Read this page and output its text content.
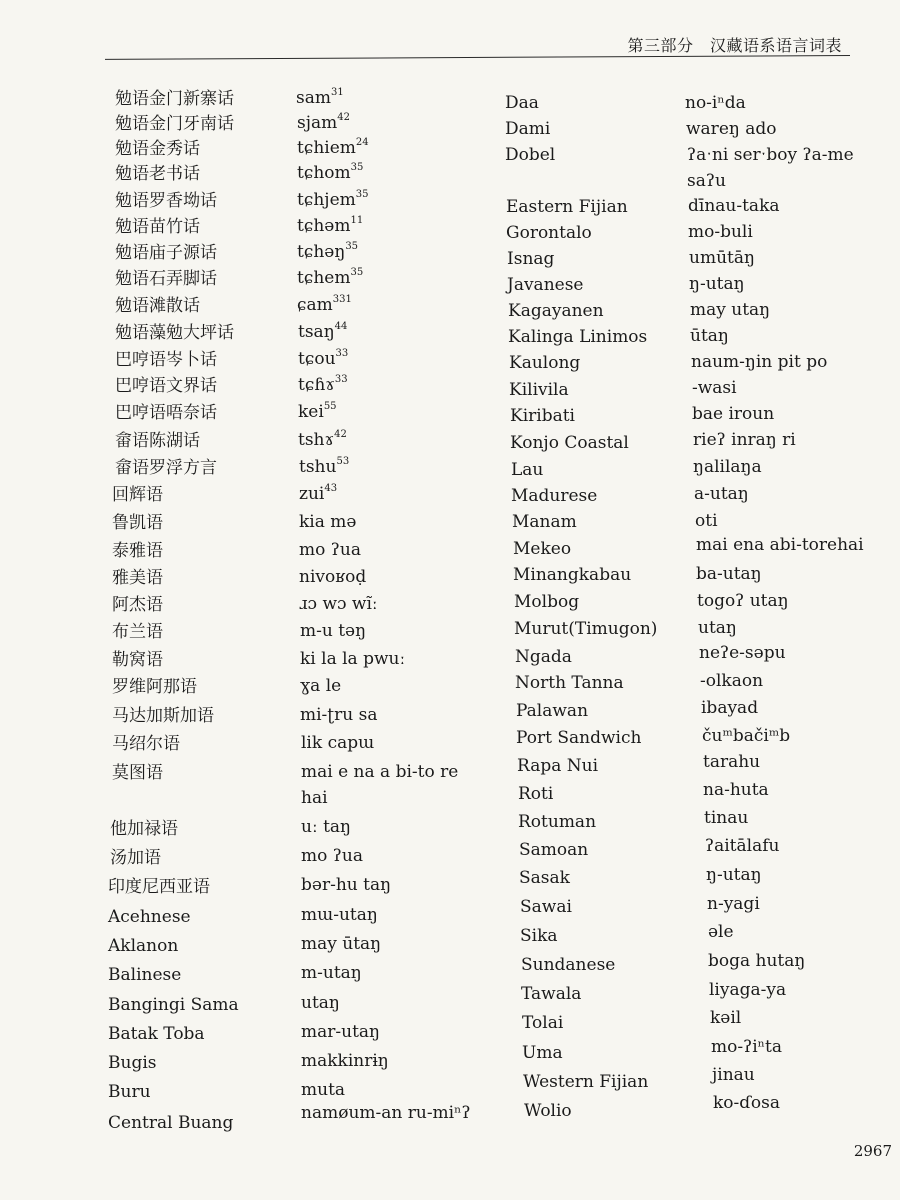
第三部分　汉藏语系语言词表
勉语金门新寨话
勉语金门牙南话
勉语金秀话
勉语老书话
勉语罗香坳话
勉语苗竹话
勉语庙子源话
勉语石弄脚话
勉语滩散话
勉语藻勉大坪话
巴哼语岑卜话
巴哼语文界话
巴哼语唔奈话
畲语陈湖话
畲语罗浮方言
回辉语
鲁凯语
泰雅语
雅美语
阿杰语
布兰语
勒窝语
罗维阿那语
马达加斯加语
马绍尔语
莫图语
他加禄语
汤加语
印度尼西亚语
Acehnese
Aklanon
Balinese
Bangingi Sama
Batak Toba
Bugis
Buru
Central Buang
sam$^{31}$
sjam$^{42}$
tɕhiem$^{24}$
tɕhom$^{35}$
tɕhjem$^{35}$
tɕhəm$^{11}$
tɕhəŋ$^{35}$
tɕhem$^{35}$
ɕam$^{331}$
tsaŋ$^{44}$
tɕou$^{33}$
tɕɦɤ$^{33}$
kei$^{55}$
tshɤ$^{42}$
tshu$^{53}$
zui$^{43}$
kia mə
mo ʔua
nivoʁoḍ
ɹɔ wɔ wĩː
m-u təŋ
ki la la pwuː
ɣa le
mi-ʈru sa
lik capɯ
mai e na a bi-to re
hai
uː taŋ
mo ʔua
bər-hu taŋ
mɯ-utaŋ
may ūtaŋ
m-utaŋ
utaŋ
mar-utaŋ
makkinrɨŋ
muta
namøum-an ru-miⁿʔ
Daa
Dami
Dobel
Eastern Fijian
Gorontalo
Isnag
Javanese
Kagayanen
Kalinga Linimos
Kaulong
Kilivila
Kiribati
Konjo Coastal
Lau
Madurese
Manam
Mekeo
Minangkabau
Molbog
Murut(Timugon)
Ngada
North Tanna
Palawan
Port Sandwich
Rapa Nui
Roti
Rotuman
Samoan
Sasak
Sawai
Sika
Sundanese
Tawala
Tolai
Uma
Western Fijian
Wolio
no-iⁿda
wareŋ ado
ʔaˑni serˑboy ʔa-me
saʔu
dīnau-taka
mo-buli
umūtāŋ
ŋ-utaŋ
may utaŋ
ūtaŋ
naum-ŋin pit po
-wasi
bae iroun
rieʔ inraŋ ri
ŋalilaŋa
a-utaŋ
oti
mai ena abi-torehai
ba-utaŋ
togoʔ utaŋ
utaŋ
neʔe-səpu
-olkaon
ibayad
čuᵐbačiᵐb
tarahu
na-huta
tinau
ʔaitālafu
ŋ-utaŋ
n-yagi
əle
boga hutaŋ
liyaga-ya
kəil
mo-ʔiⁿta
jinau
ko-ɗosa
2967
